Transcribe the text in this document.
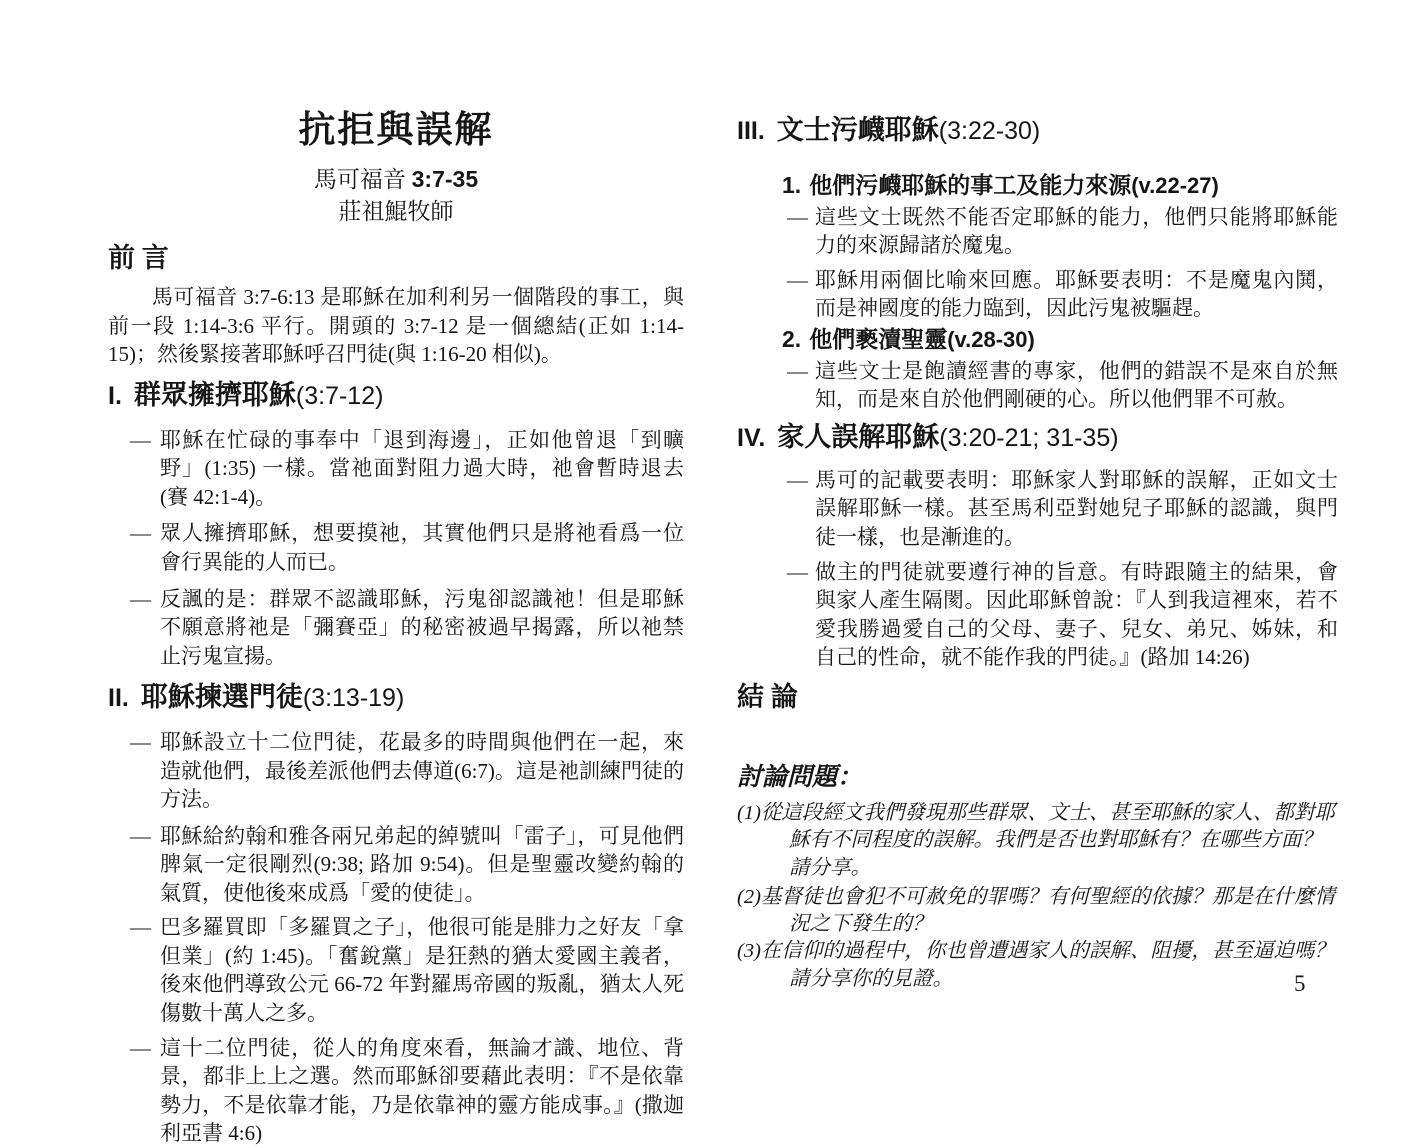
抗拒與誤解
馬可福音 3:7-35
莊祖鯤牧師
前 言

馬可福音 3:7-6:13 是耶穌在加利利另一個階段的事工，與前一段 1:14-3:6 平行。開頭的 3:7-12 是一個總結(正如 1:14-15)；然後緊接著耶穌呼召門徒(與 1:16-20 相似)。

I. 群眾擁擠耶穌(3:7-12)
— 耶穌在忙碌的事奉中「退到海邊」，正如他曾退「到曠野」(1:35) 一樣。當祂面對阻力過大時，祂會暫時退去(賽 42:1-4)。
— 眾人擁擠耶穌，想要摸祂，其實他們只是將祂看爲一位會行異能的人而已。
— 反諷的是：群眾不認識耶穌，污鬼卻認識祂！但是耶穌不願意將祂是「彌賽亞」的秘密被過早揭露，所以祂禁止污鬼宣揚。
II. 耶穌揀選門徒(3:13-19)
— 耶穌設立十二位門徒，花最多的時間與他們在一起，來造就他們，最後差派他們去傳道(6:7)。這是祂訓練門徒的方法。
— 耶穌給約翰和雅各兩兄弟起的綽號叫「雷子」，可見他們脾氣一定很剛烈(9:38; 路加 9:54)。但是聖靈改變約翰的氣質，使他後來成爲「愛的使徒」。
— 巴多羅買即「多羅買之子」，他很可能是腓力之好友「拿但業」(約 1:45)。「奮銳黨」是狂熱的猶太愛國主義者，後來他們導致公元 66-72 年對羅馬帝國的叛亂，猶太人死傷數十萬人之多。
— 這十二位門徒，從人的角度來看，無論才識、地位、背景，都非上上之選。然而耶穌卻要藉此表明：『不是依靠勢力，不是依靠才能，乃是依靠神的靈方能成事。』(撒迦利亞書 4:6)
III. 文士污衊耶穌(3:22-30)
1. 他們污衊耶穌的事工及能力來源(v.22-27)
— 這些文士既然不能否定耶穌的能力，他們只能將耶穌能力的來源歸諸於魔鬼。
— 耶穌用兩個比喻來回應。耶穌要表明：不是魔鬼內鬨，而是神國度的能力臨到，因此污鬼被驅趕。
2. 他們褻瀆聖靈(v.28-30)
— 這些文士是飽讀經書的專家，他們的錯誤不是來自於無知，而是來自於他們剛硬的心。所以他們罪不可赦。
IV. 家人誤解耶穌(3:20-21; 31-35)
— 馬可的記載要表明：耶穌家人對耶穌的誤解，正如文士誤解耶穌一樣。甚至馬利亞對她兒子耶穌的認識，與門徒一樣，也是漸進的。
— 做主的門徒就要遵行神的旨意。有時跟隨主的結果，會與家人產生隔閡。因此耶穌曾說：『人到我這裡來，若不愛我勝過愛自己的父母、妻子、兒女、弟兄、姊妹，和自己的性命，就不能作我的門徒。』(路加 14:26)
結 論
討論問題：

(1)從這段經文我們發現那些群眾、文士、甚至耶穌的家人、都對耶穌有不同程度的誤解。我們是否也對耶穌有？在哪些方面？請分享。

(2)基督徒也會犯不可赦免的罪嗎？有何聖經的依據？那是在什麼情況之下發生的？

(3)在信仰的過程中，你也曾遭遇家人的誤解、阻擾，甚至逼迫嗎？請分享你的見證。	5
